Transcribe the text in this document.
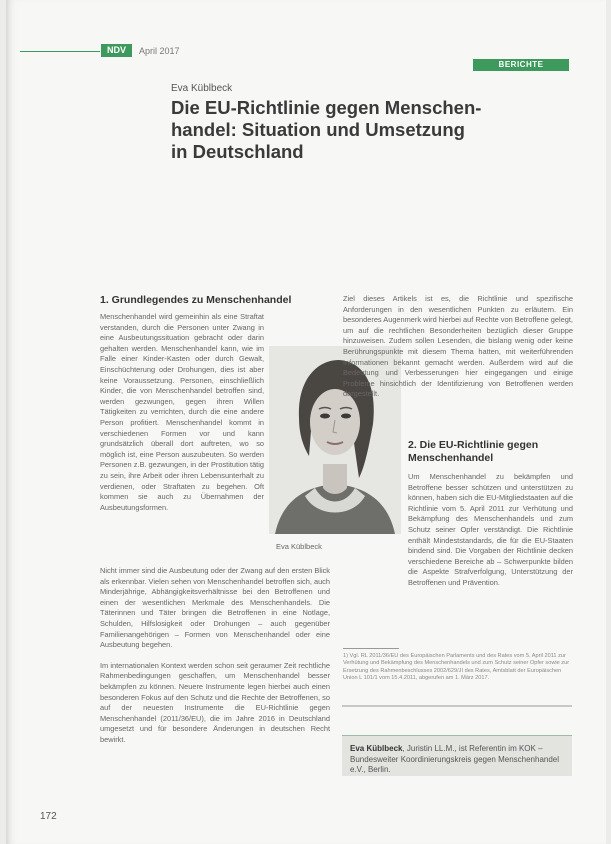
NDV	April 2017
BERICHTE
Eva Küblbeck
Die EU-Richtlinie gegen Menschen-
handel: Situation und Umsetzung
in Deutschland
1. Grundlegendes zu Menschenhandel

Menschenhandel wird gemeinhin als eine Straftat verstanden, durch die Personen unter Zwang in eine Ausbeutungssituation gebracht oder darin gehalten werden. Menschenhandel kann, wie im Falle einer Kinder-Kasten oder durch Gewalt, Einschüchterung oder Drohungen, dies ist aber keine Voraussetzung. Personen, einschließlich Kinder, die von Menschenhandel betroffen sind, werden gezwungen, gegen ihren Willen Tätigkeiten zu verrichten, durch die eine andere Person profitiert. Menschenhandel kommt in verschiedenen Formen vor und kann grundsätzlich überall dort auftreten, wo so möglich ist, eine Person auszubeuten. So werden Personen z.B. gezwungen, in der Prostitution tätig zu sein, ihre Arbeit oder ihren Lebensunterhalt zu verdienen, oder Straftaten zu begehen. Oft kommen sie auch zu Übernahmen der Ausbeutungsformen.

Nicht immer sind die Ausbeutung oder der Zwang auf den ersten Blick als erkennbar. Vielen sehen von Menschenhandel betroffen sich, auch Minderjährige, Abhängigkeitsverhältnisse bei den Betroffenen und einen der wesentlichen Merkmale des Menschenhandels. Die Täterinnen und Täter bringen die Betroffenen in eine Notlage, Schulden, Hilfslosigkeit oder Drohungen – auch gegenüber Familienangehörigen – Formen von Menschenhandel oder eine Ausbeutung begehen.

Im internationalen Kontext werden schon seit geraumer Zeit rechtliche Rahmenbedingungen geschaffen, um Menschenhandel besser bekämpfen zu können. Neuere Instrumente legen hierbei auch einen besonderen Fokus auf den Schutz und die Rechte der Betroffenen, so auf der neuesten Instrumente die EU-Richtlinie gegen Menschenhandel (2011/36/EU), die im Jahre 2016 in Deutschland umgesetzt und für besondere Änderungen in deutschen Recht bewirkt.

Eva Küblbeck

Ziel dieses Artikels ist es, die Richtlinie und spezifische Anforderungen in den wesentlichen Punkten zu erläutern. Ein besonderes Augenmerk wird hierbei auf Rechte von Betroffene gelegt, um auf die rechtlichen Besonderheiten bezüglich dieser Gruppe hinzuweisen. Zudem sollen Lesenden, die bislang wenig oder keine Berührungspunkte mit diesem Thema hatten, mit weiterführenden Informationen bekannt gemacht werden. Außerdem wird auf die Bedeutung und Verbesserungen hier eingegangen und einige Probleme hinsichtlich der Identifizierung von Betroffenen werden dargestellt.

2. Die EU-Richtlinie gegen Menschenhandel

Um Menschenhandel zu bekämpfen und Betroffene besser schützen und unterstützen zu können, haben sich die EU-Mitgliedstaaten auf die Richtlinie vom 5. April 2011 zur Verhütung und Bekämpfung des Menschenhandels und zum Schutz seiner Opfer verständigt. Die Richtlinie enthält Mindeststandards, die für die EU-Staaten bindend sind. Die Vorgaben der Richtlinie decken verschiedene Bereiche ab – Schwerpunkte bilden die Aspekte Strafverfolgung, Unterstützung der Betroffenen und Prävention.

1) Vgl. RL 2011/36/EU des Europäischen Parlaments und des Rates vom 5. April 2011 zur Verhütung und Bekämpfung des Menschenhandels und zum Schutz seiner Opfer sowie zur Ersetzung des Rahmenbeschlusses 2002/629/JI des Rates, Amtsblatt der Europäischen Union L 101/1 vom 15.4.2011, abgerufen am 1. März 2017.
Eva Küblbeck, Juristin LL.M., ist Referentin im KOK – Bundesweiter Koordinierungskreis gegen Menschenhandel e.V., Berlin.
172
